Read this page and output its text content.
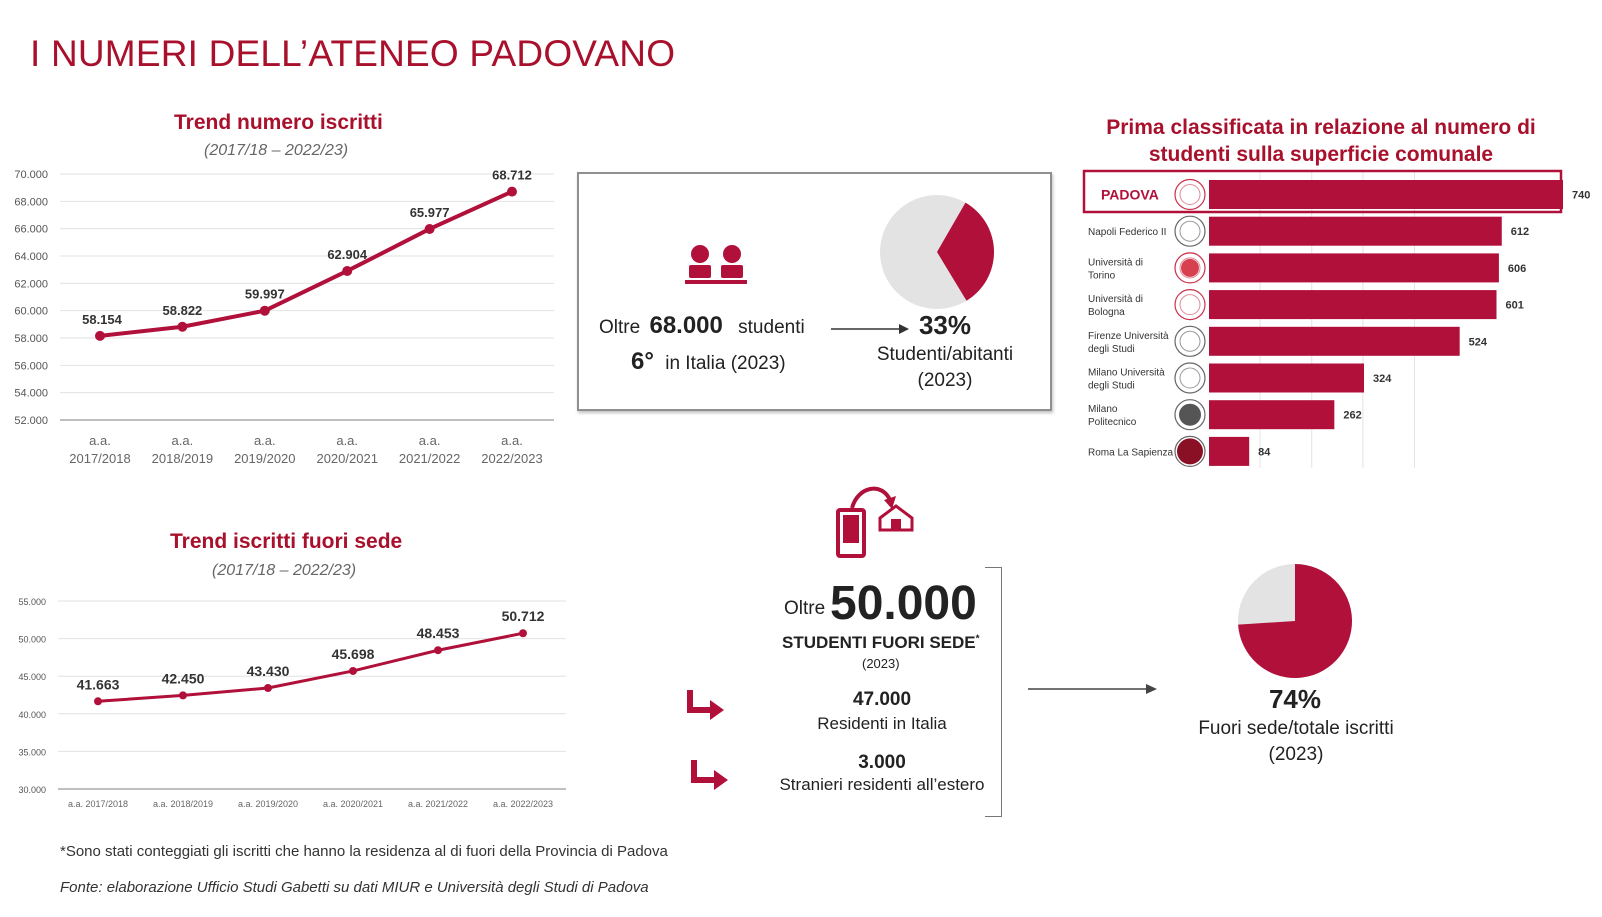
I NUMERI DELL’ATENEO PADOVANO
Trend numero iscritti
(2017/18 – 2022/23)
52.000
54.000
56.000
58.000
60.000
62.000
64.000
66.000
68.000
70.000
58.154
a.a.
2017/2018
58.822
a.a.
2018/2019
59.997
a.a.
2019/2020
62.904
a.a.
2020/2021
65.977
a.a.
2021/2022
68.712
a.a.
2022/2023
Trend iscritti fuori sede
(2017/18 – 2022/23)
30.000
35.000
40.000
45.000
50.000
55.000
41.663
a.a. 2017/2018
42.450
a.a. 2018/2019
43.430
a.a. 2019/2020
45.698
a.a. 2020/2021
48.453
a.a. 2021/2022
50.712
a.a. 2022/2023
Oltre 68.000 studenti
6° in Italia (2023)
33%
Studenti/abitanti
(2023)
Prima classificata in relazione al numero di studenti sulla superficie comunale
740
PADOVA
612
Napoli Federico II
606
Università di
Torino
601
Università di
Bologna
524
Firenze Università
degli Studi
324
Milano Università
degli Studi
262
Milano
Politecnico
84
Roma La Sapienza
Oltre 50.000
STUDENTI FUORI SEDE*
(2023)
47.000
Residenti in Italia
3.000
Stranieri residenti all’estero
74%
Fuori sede/totale iscritti
(2023)
*Sono stati conteggiati gli iscritti che hanno la residenza al di fuori della Provincia di Padova
Fonte: elaborazione Ufficio Studi Gabetti su dati MIUR e Università degli Studi di Padova
